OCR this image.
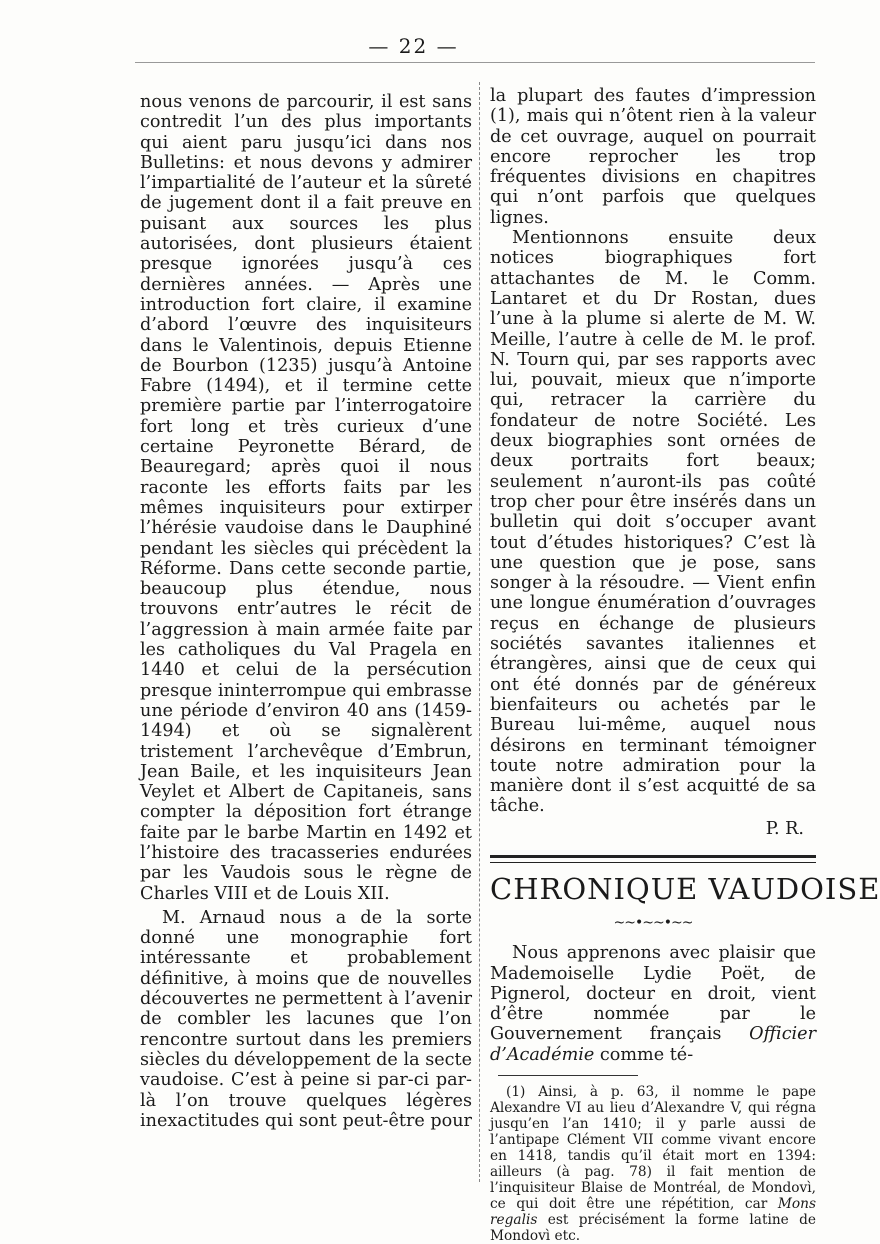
— 22 —

nous venons de parcourir, il est sans contredit l’un des plus importants qui aient paru jusqu’ici dans nos Bulletins: et nous devons y admirer l’impartialité de l’auteur et la sûreté de jugement dont il a fait preuve en puisant aux sources les plus autorisées, dont plusieurs étaient presque ignorées jusqu’à ces dernières années. — Après une introduction fort claire, il examine d’abord l’œuvre des inquisiteurs dans le Valentinois, depuis Etienne de Bourbon (1235) jusqu’à Antoine Fabre (1494), et il termine cette première partie par l’interrogatoire fort long et très curieux d’une certaine Peyronette Bérard, de Beauregard; après quoi il nous raconte les efforts faits par les mêmes inquisiteurs pour extirper l’hérésie vaudoise dans le Dauphiné pendant les siècles qui précèdent la Réforme. Dans cette seconde partie, beaucoup plus étendue, nous trouvons entr’autres le récit de l’aggression à main armée faite par les catholiques du Val Pragela en 1440 et celui de la persécution presque ininterrompue qui embrasse une période d’environ 40 ans (1459-1494) et où se signalèrent tristement l’archevêque d’Embrun, Jean Baile, et les inquisiteurs Jean Veylet et Albert de Capitaneis, sans compter la déposition fort étrange faite par le barbe Martin en 1492 et l’histoire des tracasseries endurées par les Vaudois sous le règne de Charles VIII et de Louis XII.

M. Arnaud nous a de la sorte donné une monographie fort intéressante et probablement définitive, à moins que de nouvelles découvertes ne permettent à l’avenir de combler les lacunes que l’on rencontre surtout dans les premiers siècles du développement de la secte vaudoise. C’est à peine si par-ci par-là l’on trouve quelques légères inexactitudes qui sont peut-être pour

la plupart des fautes d’impression (1), mais qui n’ôtent rien à la valeur de cet ouvrage, auquel on pourrait encore reprocher les trop fréquentes divisions en chapitres qui n’ont parfois que quelques lignes.

Mentionnons ensuite deux notices biographiques fort attachantes de M. le Comm. Lantaret et du Dr Rostan, dues l’une à la plume si alerte de M. W. Meille, l’autre à celle de M. le prof. N. Tourn qui, par ses rapports avec lui, pouvait, mieux que n’importe qui, retracer la carrière du fondateur de notre Société. Les deux biographies sont ornées de deux portraits fort beaux; seulement n’auront-ils pas coûté trop cher pour être insérés dans un bulletin qui doit s’occuper avant tout d’études historiques? C’est là une question que je pose, sans songer à la résoudre. — Vient enfin une longue énumération d’ouvrages reçus en échange de plusieurs sociétés savantes italiennes et étrangères, ainsi que de ceux qui ont été donnés par de généreux bienfaiteurs ou achetés par le Bureau lui-même, auquel nous désirons en terminant témoigner toute notre admiration pour la manière dont il s’est acquitté de sa tâche.

P. R.

CHRONIQUE VAUDOISE
~~•~~•~~

Nous apprenons avec plaisir que Mademoiselle Lydie Poët, de Pignerol, docteur en droit, vient d’être nommée par le Gouvernement français Officier d’Académie comme té-

(1) Ainsi, à p. 63, il nomme le pape Alexandre VI au lieu d’Alexandre V, qui régna jusqu’en l’an 1410; il y parle aussi de l’antipape Clément VII comme vivant encore en 1418, tandis qu’il était mort en 1394: ailleurs (à pag. 78) il fait mention de l’inquisiteur Blaise de Montréal, de Mondovì, ce qui doit être une répétition, car Mons regalis est précisément la forme latine de Mondovì etc.
